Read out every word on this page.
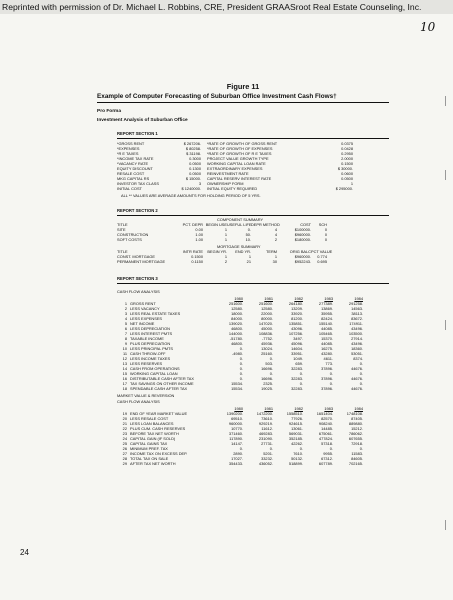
Reprinted with permission of Dr. Michael L. Robbins, CRE, President GRAASroot Real Estate Counseling, Inc.
10
Figure 11
Example of Computer Forecasting of Suburban Office Investment Cash Flows†
Pro Forma
Investment Analysis of Suburban Office
REPORT SECTION 1
*GROSS RENT	$ 267206. *RATE OF GROWTH OF GROSS RENT	0.0375
*EXPENSES	$ 80258. *RATE OF GROWTH OF EXPENSES	0.0428
*R E TAXES	$ 31198. *RATE OF GROWTH OF R E TAXES	0.2950
*INCOME TAX RATE	0.3000 PROJECT VALUE GROWTH TYPE	2.0000
*VACANCY RATE	0.0500 WORKING CAPITAL LOAN RATE	0.1500
EQUITY DISCOUNT	0.1300 EXTRAORDINARY EXPENSES	$ 30000.
RESALE COST	0.0500 REINVESTMENT RATE	0.0600
MKG CAPITAL RS	$ 15000. CAPITAL RESERV INTEREST RATE	0.0500
INVESTOR TAX CLASS	3 OWNERSHIP FORM	1
INITIAL COST	$ 1240000. INITIAL EQUITY REQUIRED	$ 295000.
ALL ** VALUES ARE AVERAGE AMOUNTS FOR HOLDING PERIOD OF 5 YRS.
REPORT SECTION 2
COMPONENT SUMMARY
TITLE	PCT. DEPR BEGIN USE USEFUL LIFE DEPR METHOD	COST	SCH
SITE	0.00	1	0.	4	$100000.	0
CONSTRUCTION	1.00	1	50.	4	$960000.	0
SOFT COSTS	1.00	1	10.	2	$180000.	0
MORTGAGE SUMMARY
TITLE	INTR RATE	BEGIN YR.	END YR.	TERM	ORIG BALC PCT VALUE
CONST. MORTGAGE	0.1500	1	1	1	$960000.	0.774
PERMANENT MORTGAGE	0.1150	2	21	30	$952243.	0.695
REPORT SECTION 3
CASH FLOW ANALYSIS
1980	1981	1982	1983	1984
1 GROSS RENT	251600.	251600.	264180.	277389.	291258.
2 LESS VACANCY	12580.	12580.	13209.	13869.	14563.
3 LESS REAL ESTATE TAXES	18000.	22000.	33920.	35955.	38113.
4 LESS EXPENSES	84000.	80000.	81200.	82424.	83672.
5 NET INCOME	139020.	147020.	135851.	155140.	174911.
6 LESS DEPRECIATION	46800.	45000.	43096.	44085.	43496.
7 LESS INTEREST PMTS	144000.	108836.	107256.	105465.	103500.
8 TAXABLE INCOME	-51780.	-7752.	3497.	15370.	27914.
9 PLUS DEPRECIATION	46800.	45936.	45096.	44085.	43496.
10 LESS PRINCIPAL PMTS	0.	13024.	14604.	16275.	18360.
11 CASH THROW-OFF	-4980.	25160.	33951.	43280.	53051.
12 LESS INCOME TAXES	0.	0.	1049.	4611.	8374.
13 LESS RESERVES	0.	503.	659.	773.	0.
14 CASH FROM OPERATIONS	0.	16696.	32283.	37896.	44676.
15 WORKING CAPITAL LOAN	0.	0.	0.	0.	0.
16 DISTRIBUTABLE CASH AFTER TAX	0.	16696.	32283.	37896.	44676.
17 TAX SAVINGS ON OTHER INCOME	15534.	2325.	0.	0.	0.
18 SPENDABLE CASH AFTER TAX	15534.	19025.	32283.	37896.	44676.
MARKET VALUE & REVERSION
CASH FLOW ANALYSIS
1980	1981	1982	1983	1984
19 END OF YEAR MARKET VALUE	1390200.	1472200.	1558510.	1651404.	1748108.
20 LESS RESALE COST	69510.	73610.	77926.	82570.	87405.
21 LESS LOAN BALANCES	960000.	929219.	924615.	908240.	889880.
22 PLUS CUM. CASH RESERVES	10770.	11612.	13061.	14485.	15212.
23 BEFORE TAX NET WORTH	371460.	469283.	569031.	675061.	786062.
24 CAPITAL GAIN (IF SOLD)	117890.	231090.	352185.	477824.	607655.
25 CAPITAL GAINS TAX	14147.	27731.	42262.	57318.	72918.
26 MINIMUM PREF. TAX	0.	0.	0.	0.	0.
27 INCOME TAX ON EXCESS DEP.	2890.	5201.	7610.	9955.	11583.
28 TOTAL TAX ON SALE	17027.	33232.	50132.	67312.	84605.
29 AFTER TAX NET WORTH	354433.	436052.	518899.	607789.	702165.
24
